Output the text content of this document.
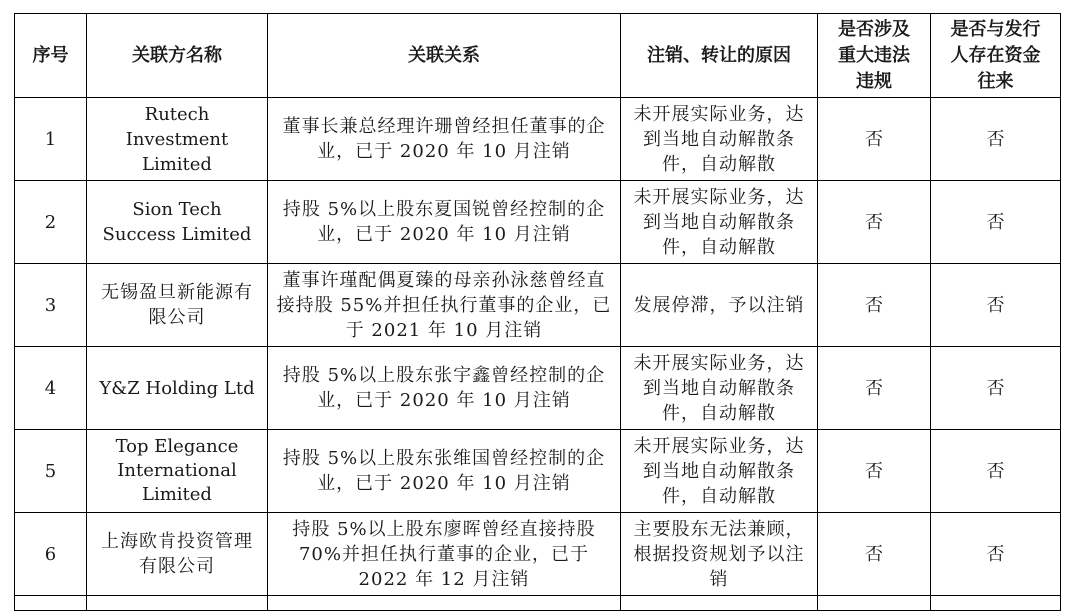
序号	关联方名称	关联关系	注销、转让的原因	是否涉及重大违法违规	是否与发行人存在资金往来
1	Rutech Investment Limited	董事长兼总经理许珊曾经担任董事的企业，已于 2020 年 10 月注销	未开展实际业务，达到当地自动解散条件，自动解散	否	否
2	Sion Tech Success Limited	持股 5%以上股东夏国锐曾经控制的企业，已于 2020 年 10 月注销	未开展实际业务，达到当地自动解散条件，自动解散	否	否
3	无锡盈旦新能源有限公司	董事许瑾配偶夏臻的母亲孙泳慈曾经直接持股 55%并担任执行董事的企业，已于 2021 年 10 月注销	发展停滞，予以注销	否	否
4	Y&Z Holding Ltd	持股 5%以上股东张宇鑫曾经控制的企业，已于 2020 年 10 月注销	未开展实际业务，达到当地自动解散条件，自动解散	否	否
5	Top Elegance International Limited	持股 5%以上股东张维国曾经控制的企业，已于 2020 年 10 月注销	未开展实际业务，达到当地自动解散条件，自动解散	否	否
6	上海欧肯投资管理有限公司	持股 5%以上股东廖晖曾经直接持股 70%并担任执行董事的企业，已于 2022 年 12 月注销	主要股东无法兼顾，根据投资规划予以注销	否	否
